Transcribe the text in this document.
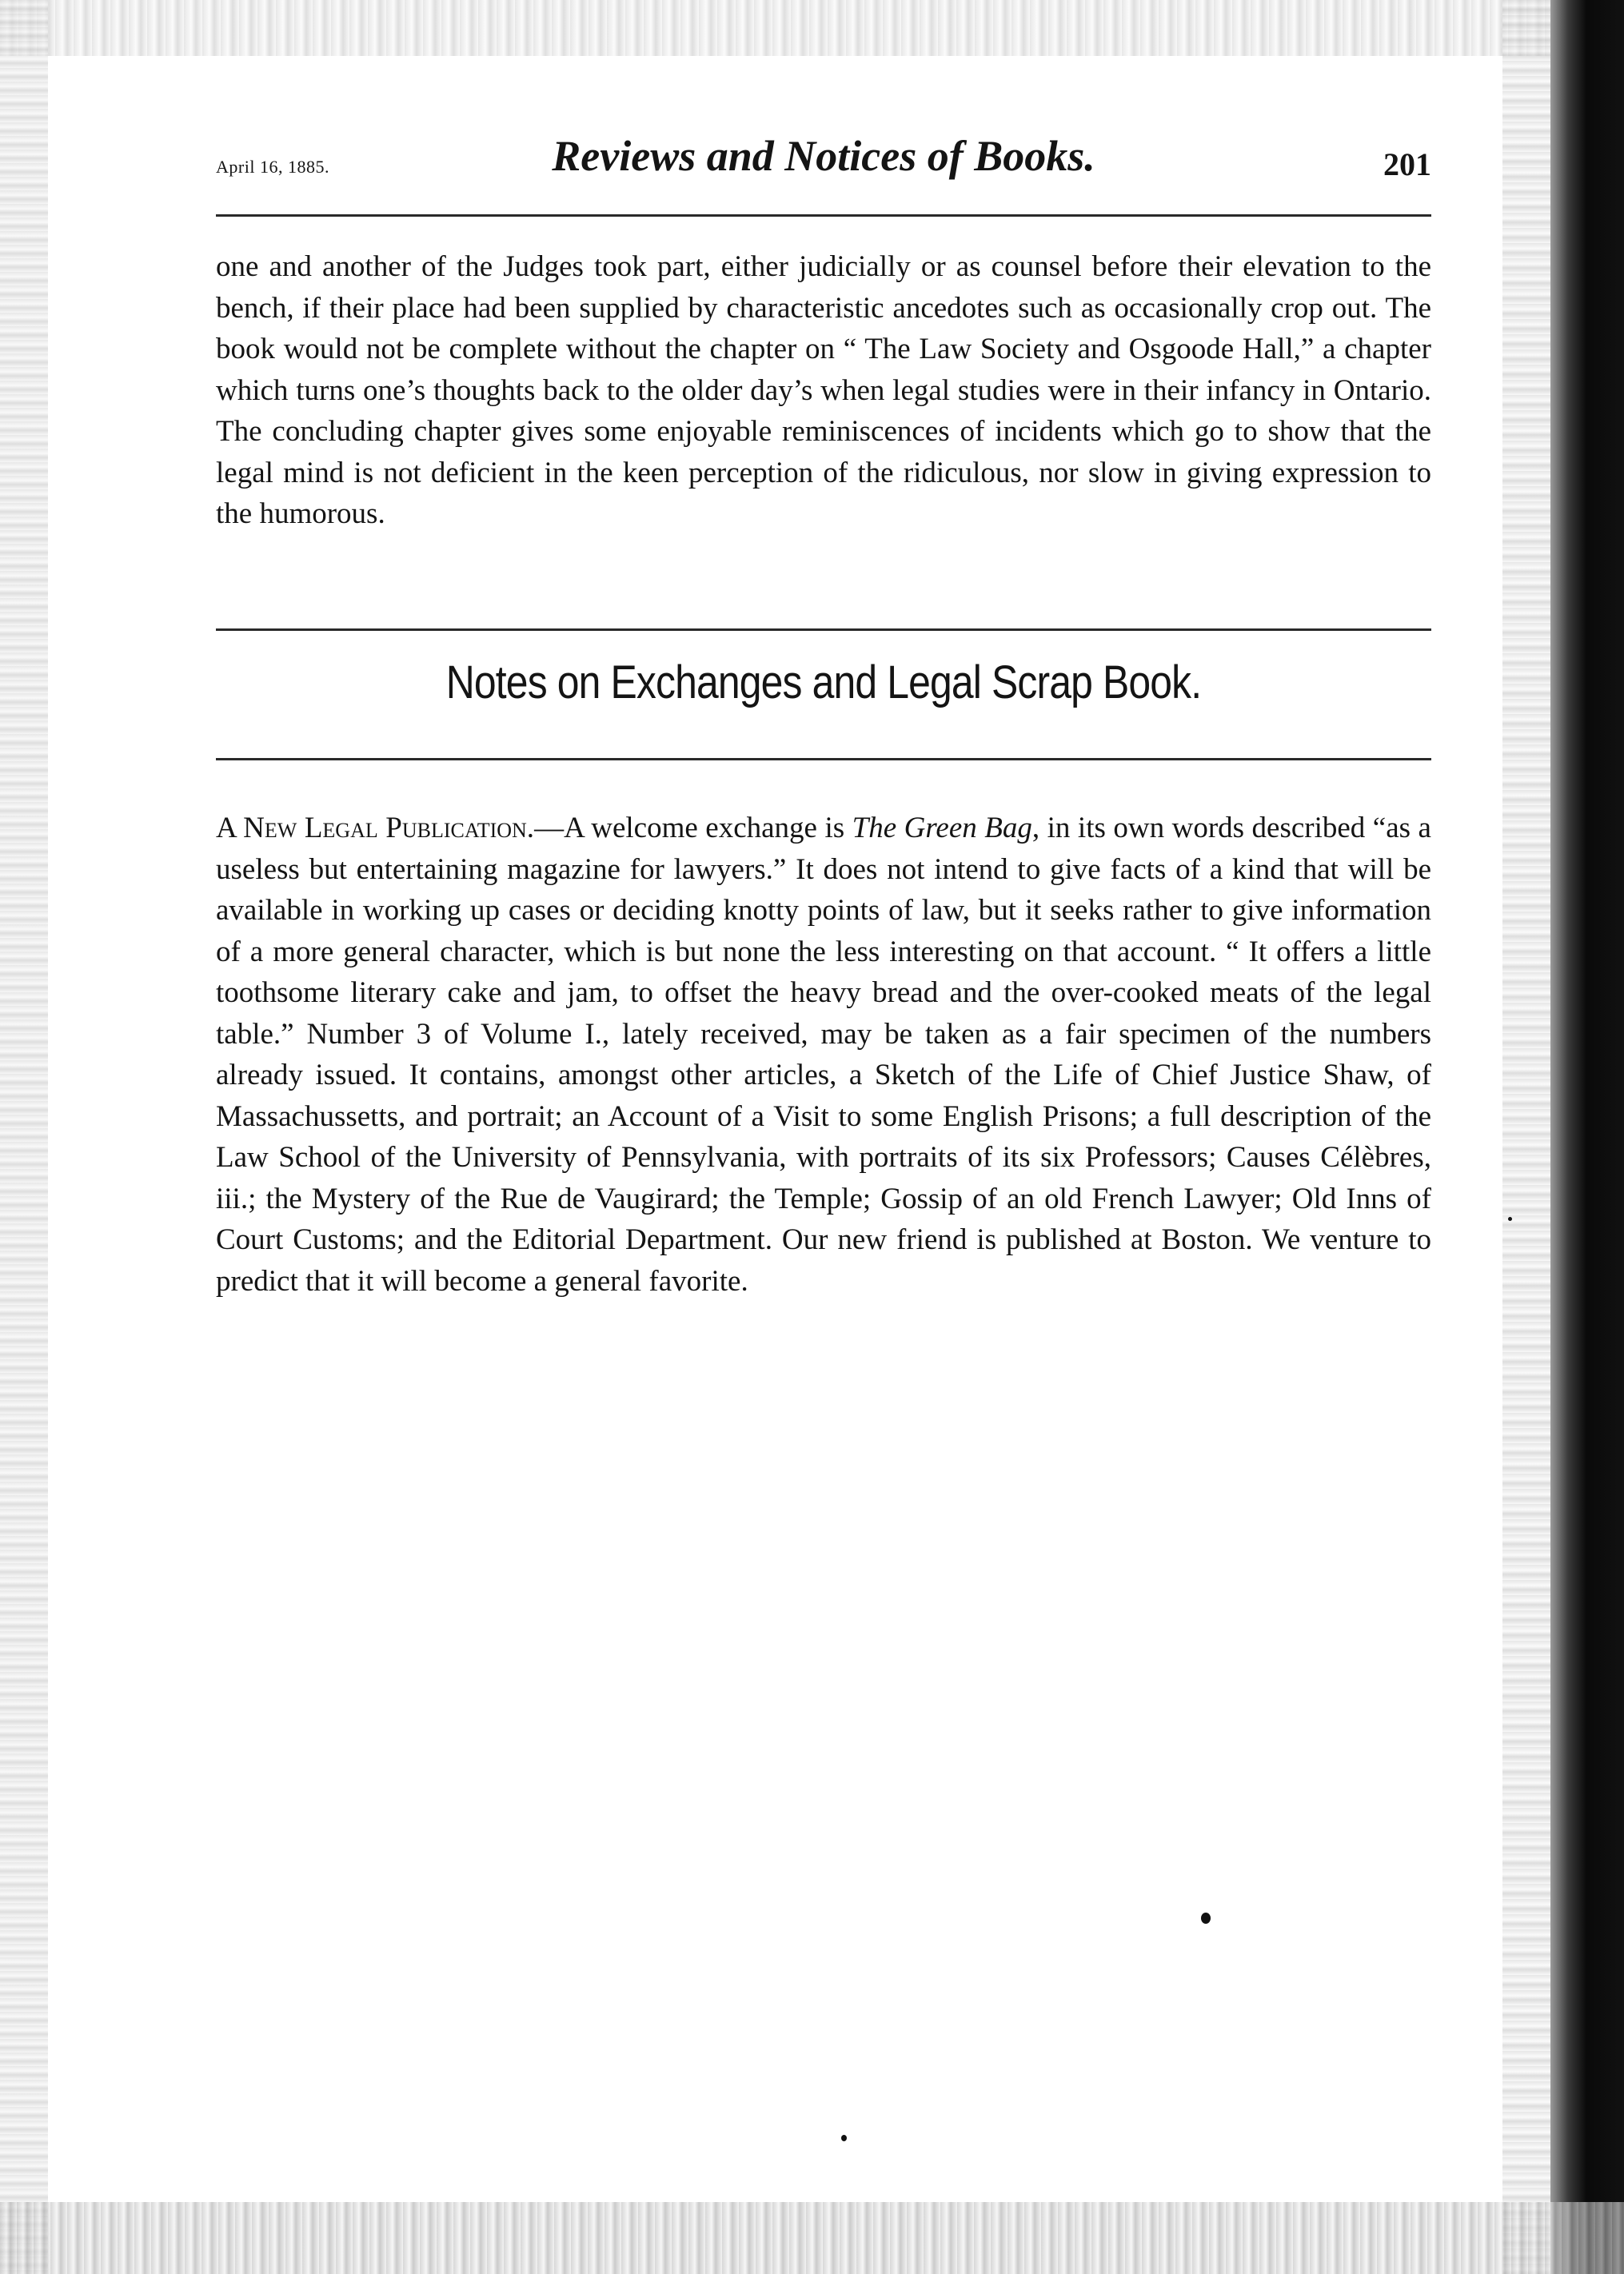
April 16, 1885.	Reviews and Notices of Books.	201

one and another of the Judges took part, either judicially or as counsel before their elevation to the bench, if their place had been supplied by characteristic ancedotes such as occasionally crop out. The book would not be complete without the chapter on “ The Law Society and Osgoode Hall,” a chapter which turns one’s thoughts back to the older day’s when legal studies were in their infancy in Ontario. The concluding chapter gives some enjoyable reminiscences of incidents which go to show that the legal mind is not deficient in the keen perception of the ridiculous, nor slow in giving expression to the humorous.

Notes on Exchanges and Legal Scrap Book.

A New Legal Publication.—A welcome exchange is The Green Bag, in its own words described “as a useless but entertaining magazine for lawyers.” It does not intend to give facts of a kind that will be available in working up cases or deciding knotty points of law, but it seeks rather to give information of a more general character, which is but none the less interesting on that account. “ It offers a little toothsome literary cake and jam, to offset the heavy bread and the over-cooked meats of the legal table.” Number 3 of Volume I., lately received, may be taken as a fair specimen of the numbers already issued. It contains, amongst other articles, a Sketch of the Life of Chief Justice Shaw, of Massachussetts, and portrait; an Account of a Visit to some English Prisons; a full description of the Law School of the University of Pennsylvania, with portraits of its six Professors; Causes Célèbres, iii.; the Mystery of the Rue de Vaugirard; the Temple; Gossip of an old French Lawyer; Old Inns of Court Customs; and the Editorial Department. Our new friend is published at Boston. We venture to predict that it will become a general favorite.
